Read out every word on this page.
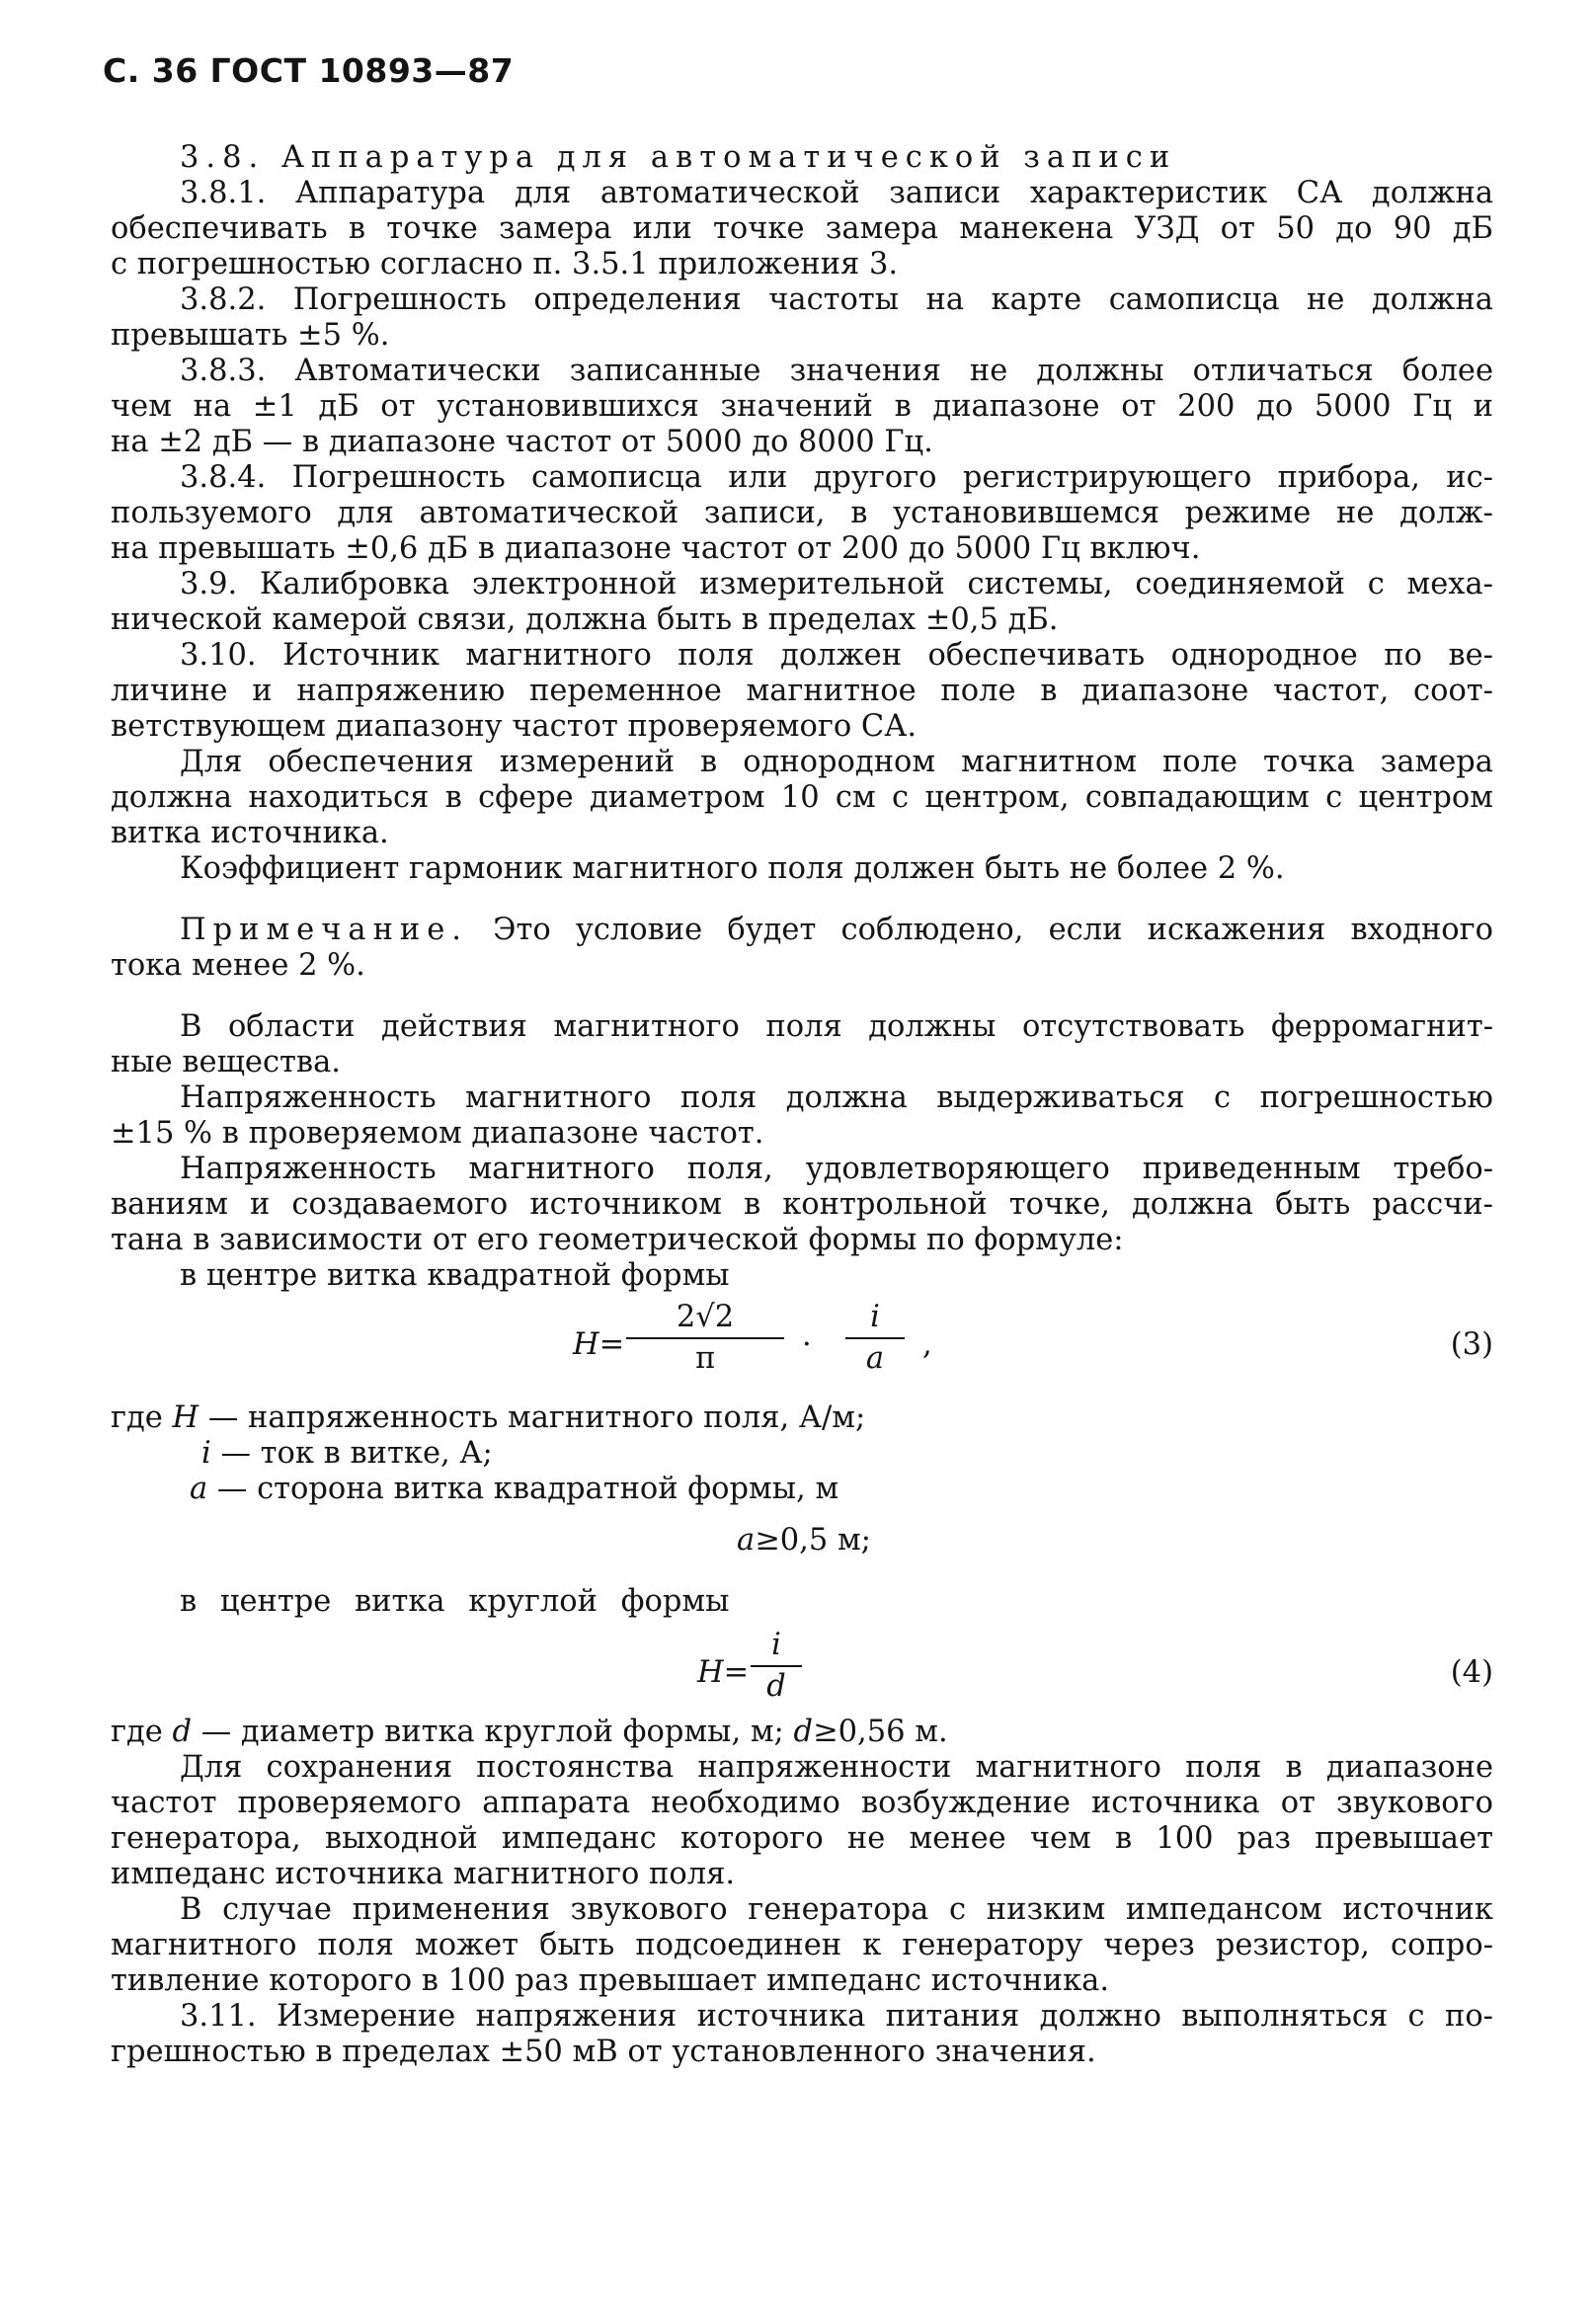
С. 36 ГОСТ 10893—87
3.8. Аппаратура для автоматической записи
3.8.1. Аппаратура для автоматической записи характеристик СА должна
обеспечивать в точке замера или точке замера манекена УЗД от 50 до 90 дБ
с погрешностью согласно п. 3.5.1 приложения 3.
3.8.2. Погрешность определения частоты на карте самописца не должна
превышать ±5 %.
3.8.3. Автоматически записанные значения не должны отличаться более
чем на ±1 дБ от установившихся значений в диапазоне от 200 до 5000 Гц и
на ±2 дБ — в диапазоне частот от 5000 до 8000 Гц.
3.8.4. Погрешность самописца или другого регистрирующего прибора, ис-
пользуемого для автоматической записи, в установившемся режиме не долж-
на превышать ±0,6 дБ в диапазоне частот от 200 до 5000 Гц включ.
3.9. Калибровка электронной измерительной системы, соединяемой с меха-
нической камерой связи, должна быть в пределах ±0,5 дБ.
3.10. Источник магнитного поля должен обеспечивать однородное по ве-
личине и напряжению переменное магнитное поле в диапазоне частот, соот-
ветствующем диапазону частот проверяемого СА.
Для обеспечения измерений в однородном магнитном поле точка замера
должна находиться в сфере диаметром 10 см с центром, совпадающим с центром
витка источника.
Коэффициент гармоник магнитного поля должен быть не более 2 %.
Примечание. Это условие будет соблюдено, если искажения входного
тока менее 2 %.
В области действия магнитного поля должны отсутствовать ферромагнит-
ные вещества.
Напряженность магнитного поля должна выдерживаться с погрешностью
±15 % в проверяемом диапазоне частот.
Напряженность магнитного поля, удовлетворяющего приведенным требо-
ваниям и создаваемого источником в контрольной точке, должна быть рассчи-
тана в зависимости от его геометрической формы по формуле:
в центре витка квадратной формы
$H= \frac{2√2}{\pi} \cdot \frac{i}{a}$ ,	(3)
где H — напряженность магнитного поля, А/м;
i — ток в витке, А;
a — сторона витка квадратной формы, м
a≥0,5 м;
в центре витка круглой формы
$H= \frac{i}{d}$	(4)
где d — диаметр витка круглой формы, м; d≥0,56 м.
Для сохранения постоянства напряженности магнитного поля в диапазоне
частот проверяемого аппарата необходимо возбуждение источника от звукового
генератора, выходной импеданс которого не менее чем в 100 раз превышает
импеданс источника магнитного поля.
В случае применения звукового генератора с низким импедансом источник
магнитного поля может быть подсоединен к генератору через резистор, сопро-
тивление которого в 100 раз превышает импеданс источника.
3.11. Измерение напряжения источника питания должно выполняться с по-
грешностью в пределах ±50 мВ от установленного значения.
